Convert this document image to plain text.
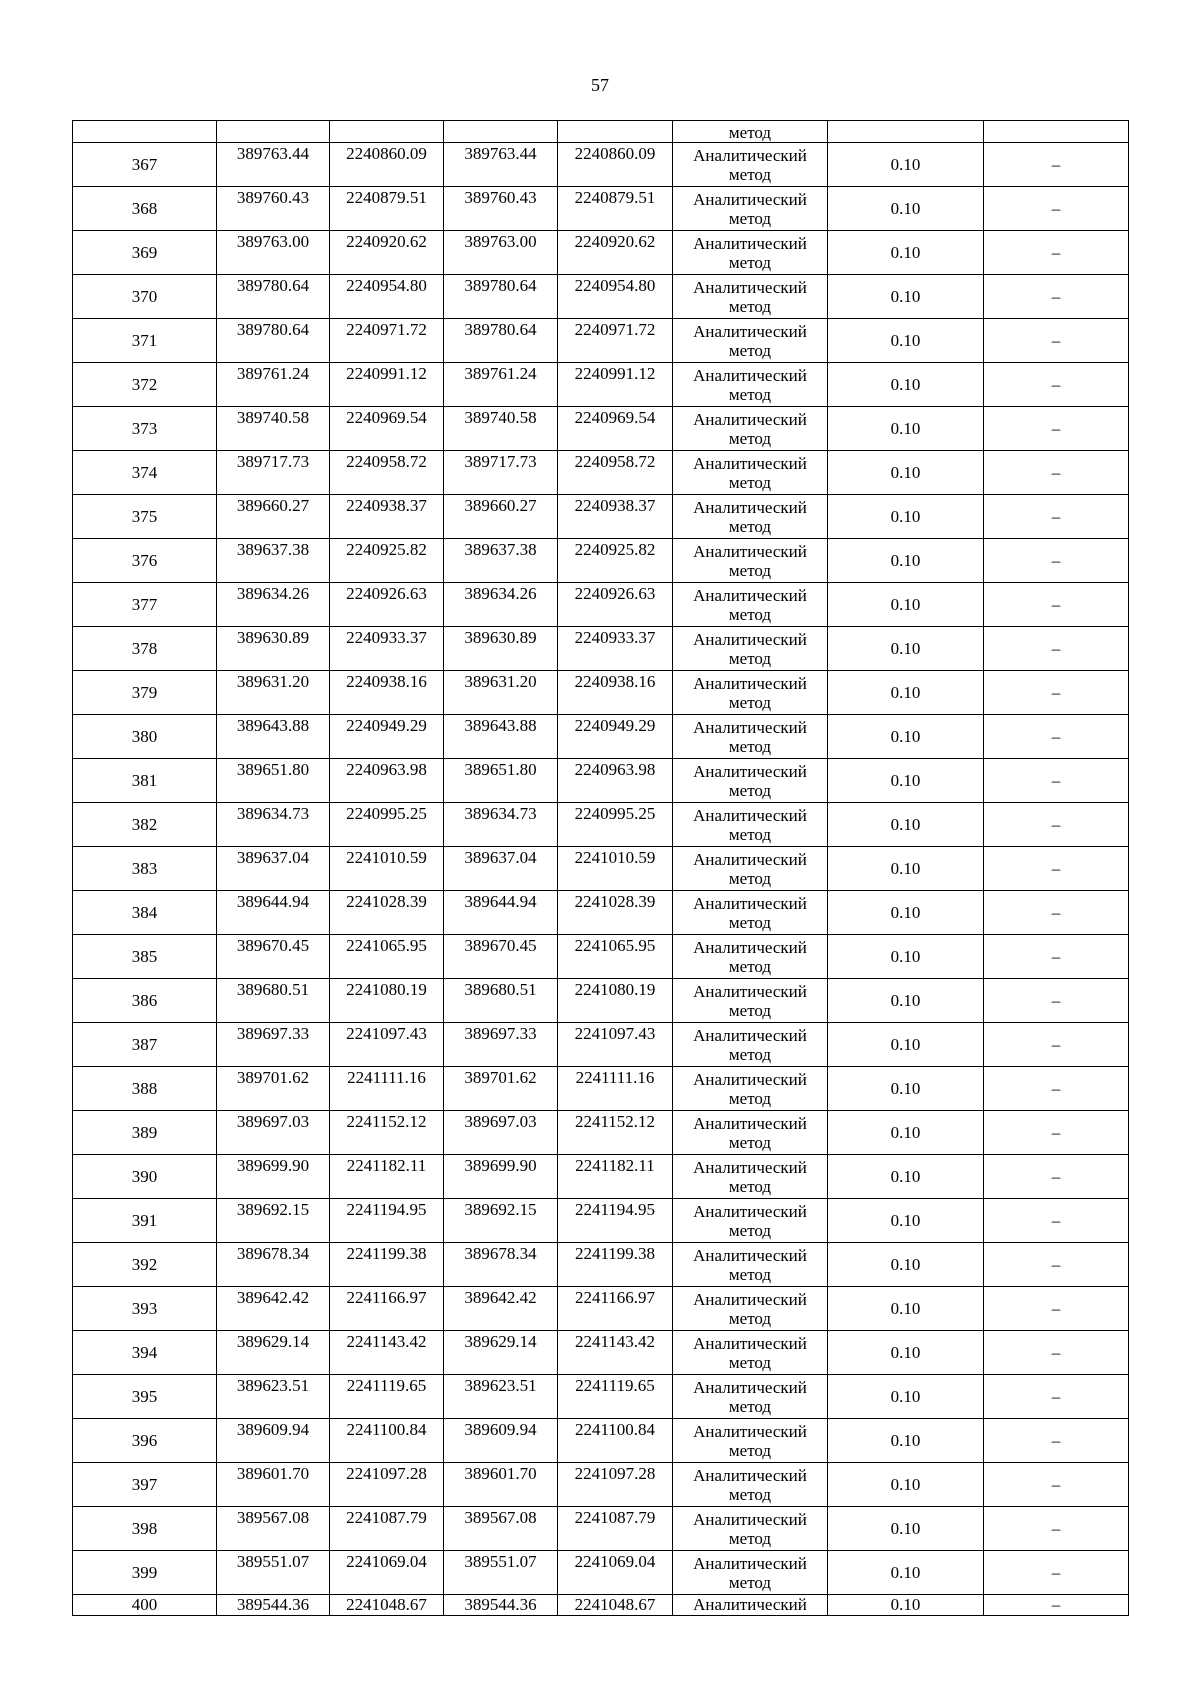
57
					метод		
367	389763.44	2240860.09	389763.44	2240860.09	Аналитический
метод	0.10	–
368	389760.43	2240879.51	389760.43	2240879.51	Аналитический
метод	0.10	–
369	389763.00	2240920.62	389763.00	2240920.62	Аналитический
метод	0.10	–
370	389780.64	2240954.80	389780.64	2240954.80	Аналитический
метод	0.10	–
371	389780.64	2240971.72	389780.64	2240971.72	Аналитический
метод	0.10	–
372	389761.24	2240991.12	389761.24	2240991.12	Аналитический
метод	0.10	–
373	389740.58	2240969.54	389740.58	2240969.54	Аналитический
метод	0.10	–
374	389717.73	2240958.72	389717.73	2240958.72	Аналитический
метод	0.10	–
375	389660.27	2240938.37	389660.27	2240938.37	Аналитический
метод	0.10	–
376	389637.38	2240925.82	389637.38	2240925.82	Аналитический
метод	0.10	–
377	389634.26	2240926.63	389634.26	2240926.63	Аналитический
метод	0.10	–
378	389630.89	2240933.37	389630.89	2240933.37	Аналитический
метод	0.10	–
379	389631.20	2240938.16	389631.20	2240938.16	Аналитический
метод	0.10	–
380	389643.88	2240949.29	389643.88	2240949.29	Аналитический
метод	0.10	–
381	389651.80	2240963.98	389651.80	2240963.98	Аналитический
метод	0.10	–
382	389634.73	2240995.25	389634.73	2240995.25	Аналитический
метод	0.10	–
383	389637.04	2241010.59	389637.04	2241010.59	Аналитический
метод	0.10	–
384	389644.94	2241028.39	389644.94	2241028.39	Аналитический
метод	0.10	–
385	389670.45	2241065.95	389670.45	2241065.95	Аналитический
метод	0.10	–
386	389680.51	2241080.19	389680.51	2241080.19	Аналитический
метод	0.10	–
387	389697.33	2241097.43	389697.33	2241097.43	Аналитический
метод	0.10	–
388	389701.62	2241111.16	389701.62	2241111.16	Аналитический
метод	0.10	–
389	389697.03	2241152.12	389697.03	2241152.12	Аналитический
метод	0.10	–
390	389699.90	2241182.11	389699.90	2241182.11	Аналитический
метод	0.10	–
391	389692.15	2241194.95	389692.15	2241194.95	Аналитический
метод	0.10	–
392	389678.34	2241199.38	389678.34	2241199.38	Аналитический
метод	0.10	–
393	389642.42	2241166.97	389642.42	2241166.97	Аналитический
метод	0.10	–
394	389629.14	2241143.42	389629.14	2241143.42	Аналитический
метод	0.10	–
395	389623.51	2241119.65	389623.51	2241119.65	Аналитический
метод	0.10	–
396	389609.94	2241100.84	389609.94	2241100.84	Аналитический
метод	0.10	–
397	389601.70	2241097.28	389601.70	2241097.28	Аналитический
метод	0.10	–
398	389567.08	2241087.79	389567.08	2241087.79	Аналитический
метод	0.10	–
399	389551.07	2241069.04	389551.07	2241069.04	Аналитический
метод	0.10	–
400	389544.36	2241048.67	389544.36	2241048.67	Аналитический	0.10	–
